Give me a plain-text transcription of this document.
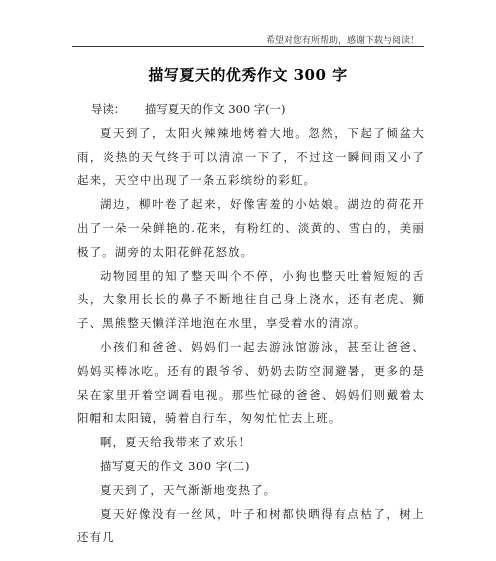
希望对您有所帮助，感谢下载与阅读！
描写夏天的优秀作文 300 字
导读： 描写夏天的作文 300 字(一)

夏天到了，太阳火辣辣地烤着大地。忽然，下起了倾盆大雨，炎热的天气终于可以清凉一下了，不过这一瞬间雨又小了起来，天空中出现了一条五彩缤纷的彩虹。

湖边，柳叶卷了起来，好像害羞的小姑娘。湖边的荷花开出了一朵一朵鲜艳的.花来，有粉红的、淡黄的、雪白的，美丽极了。湖旁的太阳花鲜花怒放。

动物园里的知了整天叫个不停，小狗也整天吐着短短的舌头，大象用长长的鼻子不断地往自己身上浇水，还有老虎、狮子、黑熊整天懒洋洋地泡在水里，享受着水的清凉。

小孩们和爸爸、妈妈们一起去游泳馆游泳，甚至让爸爸、妈妈买棒冰吃。还有的跟爷爷、奶奶去防空洞避暑，更多的是呆在家里开着空调看电视。那些忙碌的爸爸、妈妈们则戴着太阳帽和太阳镜，骑着自行车，匆匆忙忙去上班。

啊，夏天给我带来了欢乐！

描写夏天的作文 300 字(二)

夏天到了，天气渐渐地变热了。

夏天好像没有一丝风，叶子和树都快晒得有点枯了，树上还有几
